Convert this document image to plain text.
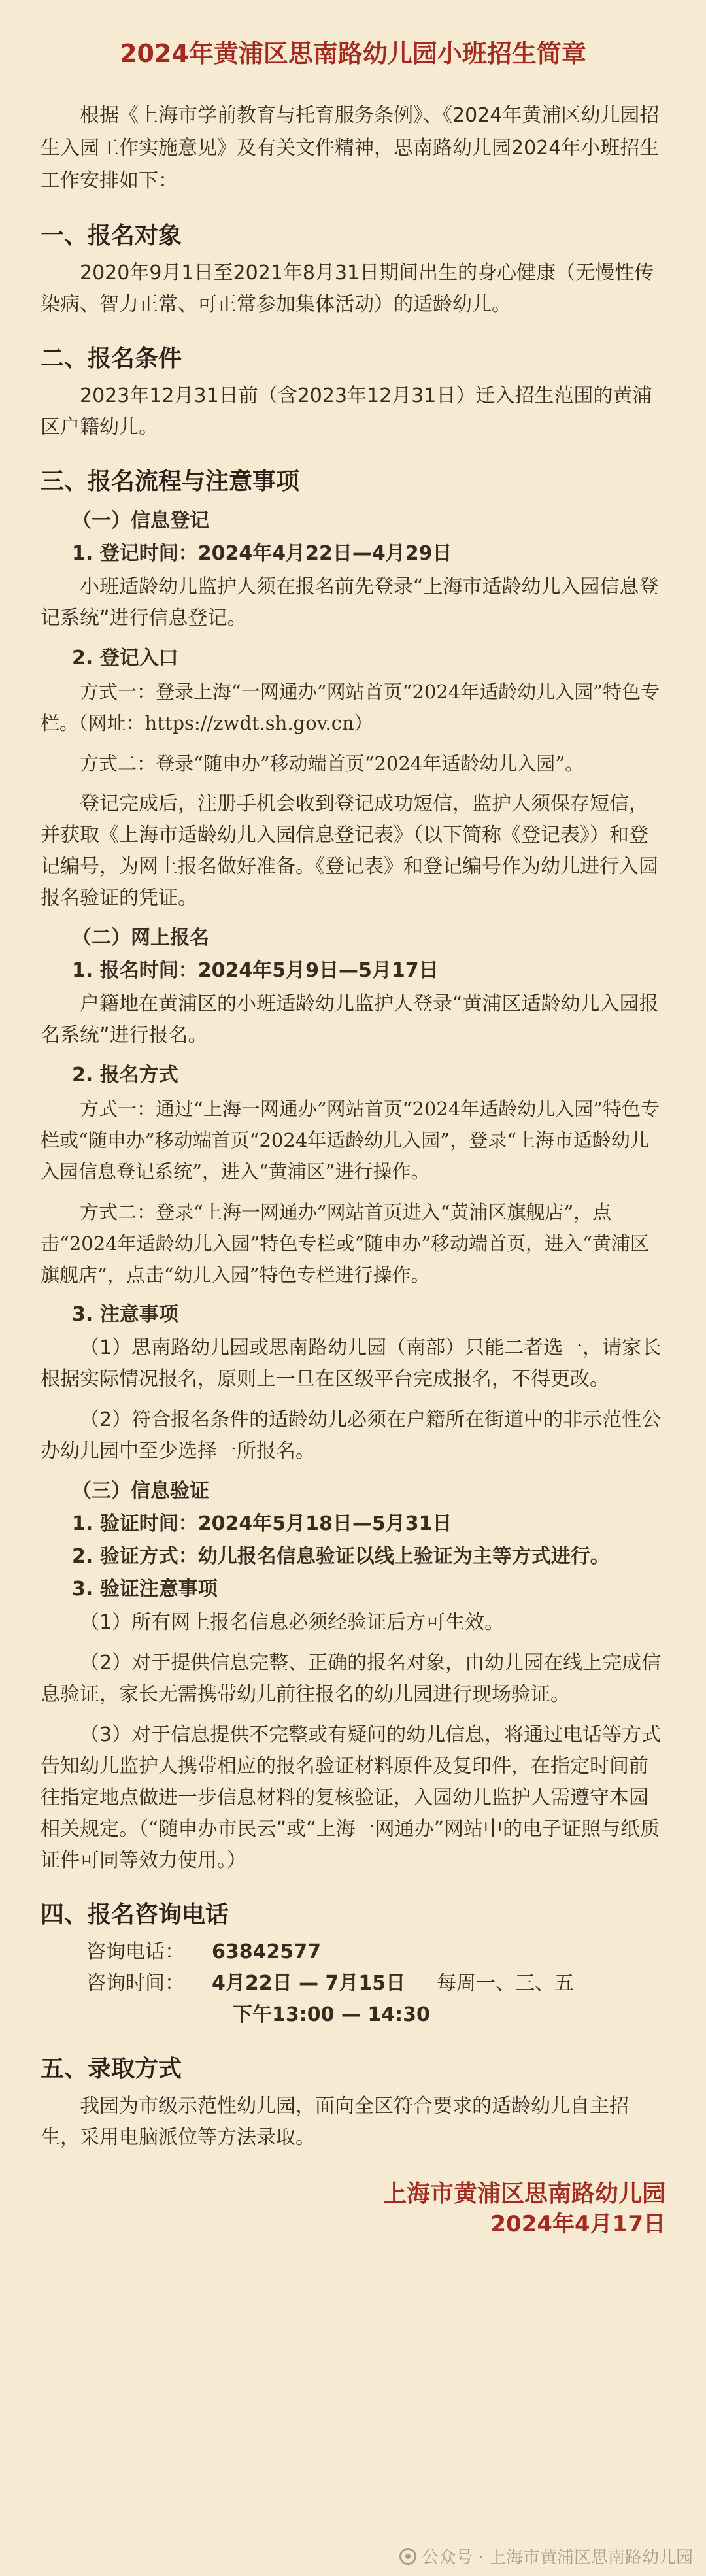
2024年黄浦区思南路幼儿园小班招生简章
根据《上海市学前教育与托育服务条例》、《2024年黄浦区幼儿园招生入园工作实施意见》及有关文件精神，思南路幼儿园2024年小班招生工作安排如下：
一、报名对象
2020年9月1日至2021年8月31日期间出生的身心健康（无慢性传染病、智力正常、可正常参加集体活动）的适龄幼儿。
二、报名条件
2023年12月31日前（含2023年12月31日）迁入招生范围的黄浦区户籍幼儿。
三、报名流程与注意事项
（一）信息登记
1. 登记时间：2024年4月22日—4月29日
小班适龄幼儿监护人须在报名前先登录“上海市适龄幼儿入园信息登记系统”进行信息登记。
2. 登记入口
方式一：登录上海“一网通办”网站首页“2024年适龄幼儿入园”特色专栏。（网址：https://zwdt.sh.gov.cn）
方式二：登录“随申办”移动端首页“2024年适龄幼儿入园”。
登记完成后，注册手机会收到登记成功短信，监护人须保存短信，并获取《上海市适龄幼儿入园信息登记表》（以下简称《登记表》）和登记编号，为网上报名做好准备。《登记表》和登记编号作为幼儿进行入园报名验证的凭证。
（二）网上报名
1. 报名时间：2024年5月9日—5月17日
户籍地在黄浦区的小班适龄幼儿监护人登录“黄浦区适龄幼儿入园报名系统”进行报名。
2. 报名方式
方式一：通过“上海一网通办”网站首页“2024年适龄幼儿入园”特色专栏或“随申办”移动端首页“2024年适龄幼儿入园”，登录“上海市适龄幼儿入园信息登记系统”，进入“黄浦区”进行操作。
方式二：登录“上海一网通办”网站首页进入“黄浦区旗舰店”，点击“2024年适龄幼儿入园”特色专栏或“随申办”移动端首页，进入“黄浦区旗舰店”，点击“幼儿入园”特色专栏进行操作。
3. 注意事项
（1）思南路幼儿园或思南路幼儿园（南部）只能二者选一，请家长根据实际情况报名，原则上一旦在区级平台完成报名，不得更改。
（2）符合报名条件的适龄幼儿必须在户籍所在街道中的非示范性公办幼儿园中至少选择一所报名。
（三）信息验证
1. 验证时间：2024年5月18日—5月31日
2. 验证方式：幼儿报名信息验证以线上验证为主等方式进行。
3. 验证注意事项
（1）所有网上报名信息必须经验证后方可生效。
（2）对于提供信息完整、正确的报名对象，由幼儿园在线上完成信息验证，家长无需携带幼儿前往报名的幼儿园进行现场验证。
（3）对于信息提供不完整或有疑问的幼儿信息，将通过电话等方式告知幼儿监护人携带相应的报名验证材料原件及复印件，在指定时间前往指定地点做进一步信息材料的复核验证，入园幼儿监护人需遵守本园相关规定。（“随申办市民云”或“上海一网通办”网站中的电子证照与纸质证件可同等效力使用。）
四、报名咨询电话
咨询电话：	63842577
咨询时间：	4月22日 — 7月15日 每周一、三、五
下午13:00 — 14:30
五、录取方式
我园为市级示范性幼儿园，面向全区符合要求的适龄幼儿自主招生，采用电脑派位等方法录取。
上海市黄浦区思南路幼儿园
2024年4月17日
公众号 · 上海市黄浦区思南路幼儿园
